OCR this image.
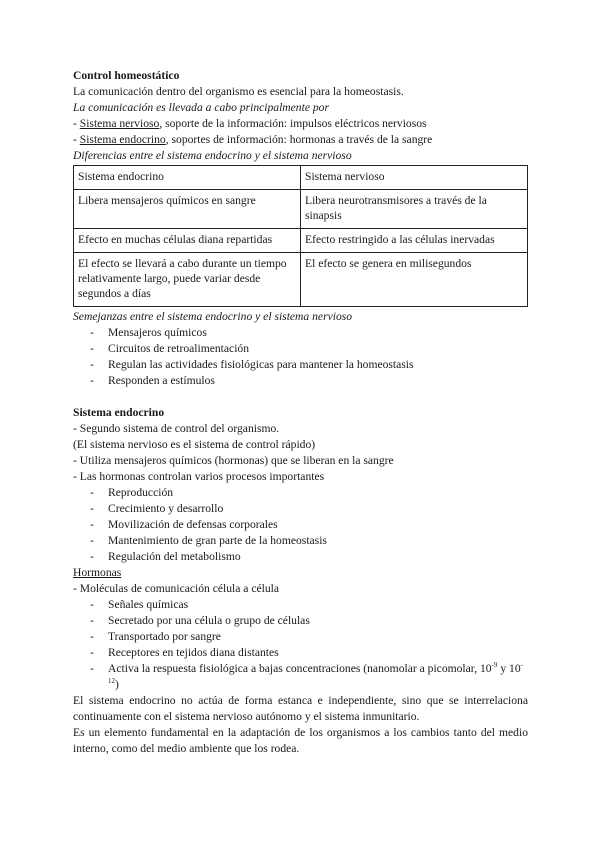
Control homeostático

La comunicación dentro del organismo es esencial para la homeostasis.

La comunicación es llevada a cabo principalmente por

- Sistema nervioso, soporte de la información: impulsos eléctricos nerviosos

- Sistema endocrino, soportes de información: hormonas a través de la sangre

Diferencias entre el sistema endocrino y el sistema nervioso

Sistema endocrino	Sistema nervioso
Libera mensajeros químicos en sangre	Libera neurotransmisores a través de la sinapsis
Efecto en muchas células diana repartidas	Efecto restringido a las células inervadas
El efecto se llevará a cabo durante un tiempo relativamente largo, puede variar desde segundos a días	El efecto se genera en milisegundos

Semejanzas entre el sistema endocrino y el sistema nervioso

- Mensajeros químicos
- Circuitos de retroalimentación
- Regulan las actividades fisiológicas para mantener la homeostasis
- Responden a estímulos

Sistema endocrino

- Segundo sistema de control del organismo.

(El sistema nervioso es el sistema de control rápido)

- Utiliza mensajeros químicos (hormonas) que se liberan en la sangre

- Las hormonas controlan varios procesos importantes

- Reproducción
- Crecimiento y desarrollo
- Movilización de defensas corporales
- Mantenimiento de gran parte de la homeostasis
- Regulación del metabolismo

Hormonas

- Moléculas de comunicación célula a célula

- Señales químicas
- Secretado por una célula o grupo de células
- Transportado por sangre
- Receptores en tejidos diana distantes
- Activa la respuesta fisiológica a bajas concentraciones (nanomolar a picomolar, $10^{-9}$ y $10^{-12}$)

El sistema endocrino no actúa de forma estanca e independiente, sino que se interrelaciona continuamente con el sistema nervioso autónomo y el sistema inmunitario.

Es un elemento fundamental en la adaptación de los organismos a los cambios tanto del medio interno, como del medio ambiente que los rodea.
